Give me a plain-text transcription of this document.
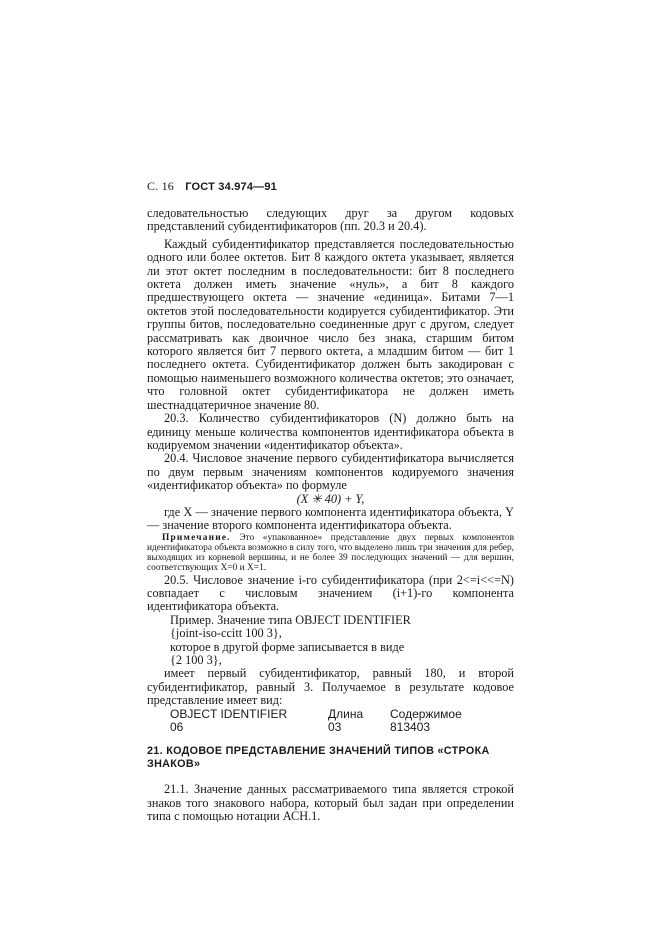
С. 16 ГОСТ 34.974—91

следовательностью следующих друг за другом кодовых представлений субидентификаторов (пп. 20.3 и 20.4).

Каждый субидентификатор представляется последовательностью одного или более октетов. Бит 8 каждого октета указывает, является ли этот октет последним в последовательности: бит 8 последнего октета должен иметь значение «нуль», а бит 8 каждого предшествующего октета — значение «единица». Битами 7—1 октетов этой последовательности кодируется субидентификатор. Эти группы битов, последовательно соединенные друг с другом, следует рассматривать как двоичное число без знака, старшим битом которого является бит 7 первого октета, а младшим битом — бит 1 последнего октета. Субидентификатор должен быть закодирован с помощью наименьшего возможного количества октетов; это означает, что головной октет субидентификатора не должен иметь шестнадцатеричное значение 80.

20.3. Количество субидентификаторов (N) должно быть на единицу меньше количества компонентов идентификатора объекта в кодируемом значении «идентификатор объекта».

20.4. Числовое значение первого субидентификатора вычисляется по двум первым значениям компонентов кодируемого значения «идентификатор объекта» по формуле

(X ✳ 40) + Y,

где X — значение первого компонента идентификатора объекта, Y — значение второго компонента идентификатора объекта.

Примечание. Это «упакованное» представление двух первых компонентов идентификатора объекта возможно в силу того, что выделено лишь три значения для ребер, выходящих из корневой вершины, и не более 39 последующих значений — для вершин, соответствующих X=0 и X=1.

20.5. Числовое значение i-го субидентификатора (при 2<=i<<=N) совпадает с числовым значением (i+1)-го компонента идентификатора объекта.

Пример. Значение типа OBJECT IDENTIFIER

{joint-iso-ccitt 100 3},

которое в другой форме записывается в виде

{2 100 3},

имеет первый субидентификатор, равный 180, и второй субидентификатор, равный 3. Получаемое в результате кодовое представление имеет вид:

OBJECT IDENTIFIER	Длина	Содержимое
06	03	813403

21. КОДОВОЕ ПРЕДСТАВЛЕНИЕ ЗНАЧЕНИЙ ТИПОВ «СТРОКА ЗНАКОВ»

21.1. Значение данных рассматриваемого типа является строкой знаков того знакового набора, который был задан при определении типа с помощью нотации АСН.1.
